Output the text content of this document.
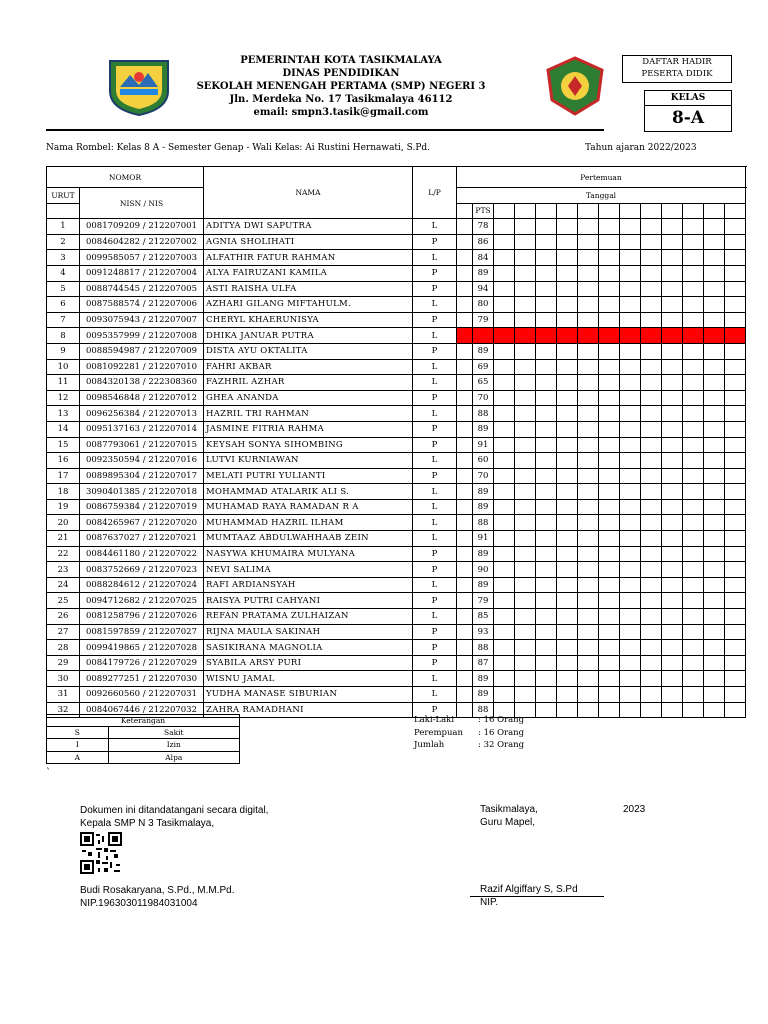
PEMERINTAH KOTA TASIKMALAYA
DINAS PENDIDIKAN
SEKOLAH MENENGAH PERTAMA (SMP) NEGERI 3
Jln. Merdeka No. 17 Tasikmalaya 46112
email: smpn3.tasik@gmail.com
DAFTAR HADIR
PESERTA DIDIK
KELAS
8-A
Nama Rombel: Kelas 8 A - Semester Genap - Wali Kelas: Ai Rustini Hernawati, S.Pd.	Tahun ajaran 2022/2023
NOMOR		NAMA	L/P	Pertemuan														
URUT	NISN / NIS			Tanggal														
					PTS													
1	0081709209 / 212207001	ADITYA DWI SAPUTRA	L		78													
2	0084604282 / 212207002	AGNIA SHOLIHATI	P		86													
3	0099585057 / 212207003	ALFATHIR FATUR RAHMAN	L		84													
4	0091248817 / 212207004	ALYA FAIRUZANI KAMILA	P		89													
5	0088744545 / 212207005	ASTI RAISHA ULFA	P		94													
6	0087588574 / 212207006	AZHARI GILANG MIFTAHULM.	L		80													
7	0093075943 / 212207007	CHERYL KHAERUNISYA	P		79													
8	0095357999 / 212207008	DHIKA JANUAR PUTRA	L															
9	0088594987 / 212207009	DISTA AYU OKTALITA	P		89													
10	0081092281 / 212207010	FAHRI AKBAR	L		69													
11	0084320138 / 222308360	FAZHRIL AZHAR	L		65													
12	0098546848 / 212207012	GHEA ANANDA	P		70													
13	0096256384 / 212207013	HAZRIL TRI RAHMAN	L		88													
14	0095137163 / 212207014	JASMINE FITRIA RAHMA	P		89													
15	0087793061 / 212207015	KEYSAH SONYA SIHOMBING	P		91													
16	0092350594 / 212207016	LUTVI KURNIAWAN	L		60													
17	0089895304 / 212207017	MELATI PUTRI YULIANTI	P		70													
18	3090401385 / 212207018	MOHAMMAD ATALARIK ALI S.	L		89													
19	0086759384 / 212207019	MUHAMAD RAYA RAMADAN R A	L		89													
20	0084265967 / 212207020	MUHAMMAD HAZRIL ILHAM	L		88													
21	0087637027 / 212207021	MUMTAAZ ABDULWAHHAAB ZEIN	L		91													
22	0084461180 / 212207022	NASYWA KHUMAIRA MULYANA	P		89													
23	0083752669 / 212207023	NEVI SALIMA	P		90													
24	0088284612 / 212207024	RAFI ARDIANSYAH	L		89													
25	0094712682 / 212207025	RAISYA PUTRI CAHYANI	P		79													
26	0081258796 / 212207026	REFAN PRATAMA ZULHAIZAN	L		85													
27	0081597859 / 212207027	RIJNA MAULA SAKINAH	P		93													
28	0099419865 / 212207028	SASIKIRANA MAGNOLIA	P		88													
29	0084179726 / 212207029	SYABILA ARSY PURI	P		87													
30	0089277251 / 212207030	WISNU JAMAL	L		89													
31	0092660560 / 212207031	YUDHA MANASE SIBURIAN	L		89													
32	0084067446 / 212207032	ZAHRA RAMADHANI	P		88													
Keterangan	
S	Sakit
I	Izin
A	Alpa
Laki-Laki	: 16 Orang
Perempuan : 16 Orang
Jumlah	: 32 Orang
`
Dokumen ini ditandatangani secara digital,
Kepala SMP N 3 Tasikmalaya,
Budi Rosakaryana, S.Pd., M.M.Pd.
NIP.196303011984031004
Tasikmalaya,	2023
Guru Mapel,
Razif Algiffary S, S.Pd
NIP.
